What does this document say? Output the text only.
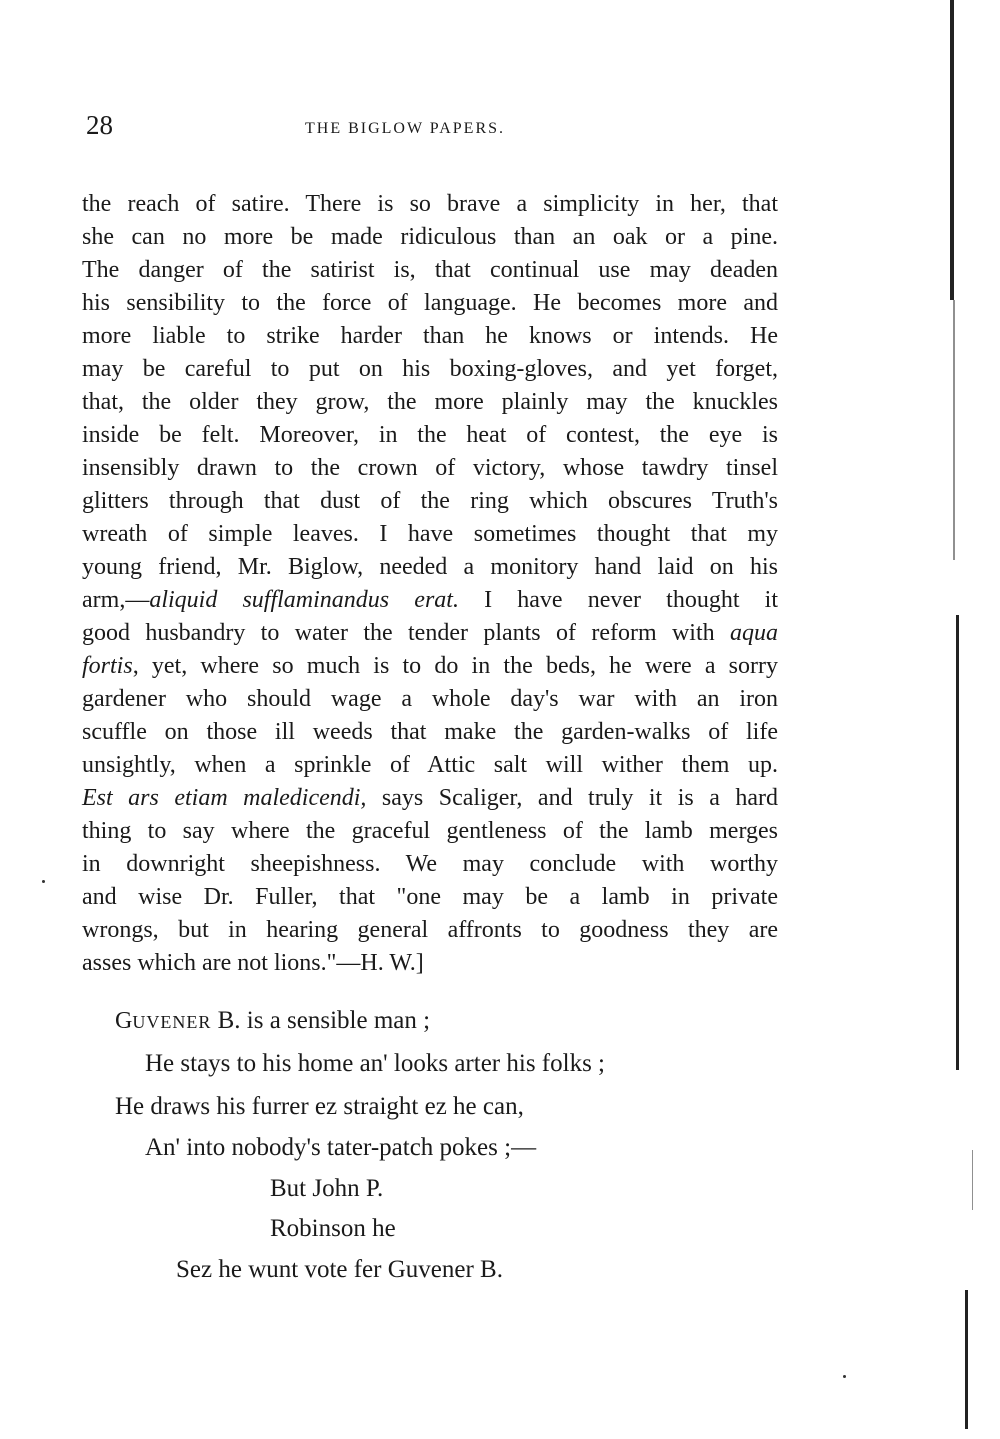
28	THE BIGLOW PAPERS.
the reach of satire. There is so brave a simplicity in her, that
she can no more be made ridiculous than an oak or a pine.
The danger of the satirist is, that continual use may deaden
his sensibility to the force of language. He becomes more and
more liable to strike harder than he knows or intends. He
may be careful to put on his boxing-gloves, and yet forget,
that, the older they grow, the more plainly may the knuckles
inside be felt. Moreover, in the heat of contest, the eye is
insensibly drawn to the crown of victory, whose tawdry tinsel
glitters through that dust of the ring which obscures Truth's
wreath of simple leaves. I have sometimes thought that my
young friend, Mr. Biglow, needed a monitory hand laid on his
arm,—aliquid sufflaminandus erat. I have never thought it
good husbandry to water the tender plants of reform with aqua
fortis, yet, where so much is to do in the beds, he were a sorry
gardener who should wage a whole day's war with an iron
scuffle on those ill weeds that make the garden-walks of life
unsightly, when a sprinkle of Attic salt will wither them up.
Est ars etiam maledicendi, says Scaliger, and truly it is a hard
thing to say where the graceful gentleness of the lamb merges
in downright sheepishness. We may conclude with worthy
and wise Dr. Fuller, that "one may be a lamb in private
wrongs, but in hearing general affronts to goodness they are
asses which are not lions."—H. W.]
GUVENER B. is a sensible man ;
He stays to his home an' looks arter his folks ;
He draws his furrer ez straight ez he can,
An' into nobody's tater-patch pokes ;—
But John P.
Robinson he
Sez he wunt vote fer Guvener B.
